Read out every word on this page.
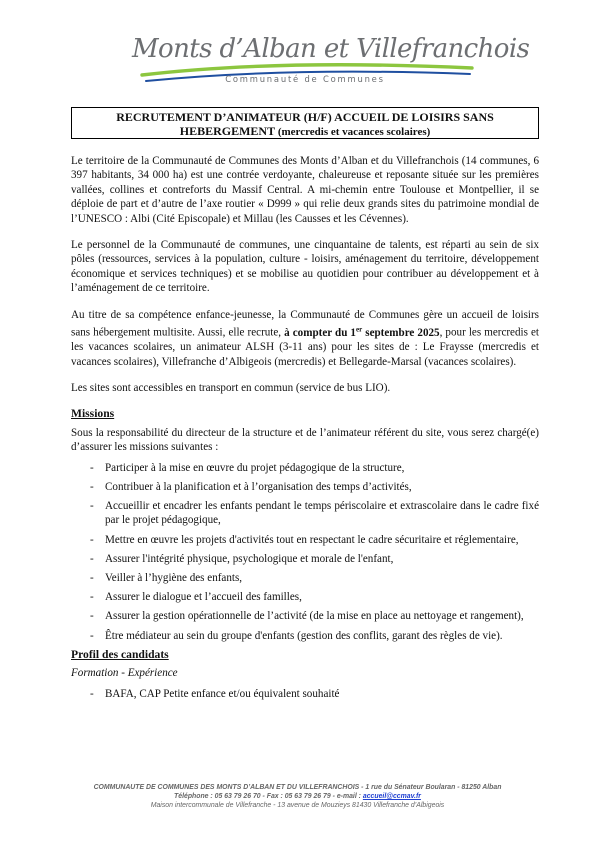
Monts d’Alban et Villefranchois
Communauté de Communes
RECRUTEMENT D’ANIMATEUR (H/F) ACCUEIL DE LOISIRS SANS
HEBERGEMENT (mercredis et vacances scolaires)

Le territoire de la Communauté de Communes des Monts d’Alban et du Villefranchois (14 communes, 6 397 habitants, 34 000 ha) est une contrée verdoyante, chaleureuse et reposante située sur les premières vallées, collines et contreforts du Massif Central. A mi-chemin entre Toulouse et Montpellier, il se déploie de part et d’autre de l’axe routier « D999 » qui relie deux grands sites du patrimoine mondial de l’UNESCO : Albi (Cité Episcopale) et Millau (les Causses et les Cévennes).

Le personnel de la Communauté de communes, une cinquantaine de talents, est réparti au sein de six pôles (ressources, services à la population, culture - loisirs, aménagement du territoire, développement économique et services techniques) et se mobilise au quotidien pour contribuer au développement et à l’aménagement de ce territoire.

Au titre de sa compétence enfance-jeunesse, la Communauté de Communes gère un accueil de loisirs sans hébergement multisite. Aussi, elle recrute, à compter du 1er septembre 2025, pour les mercredis et les vacances scolaires, un animateur ALSH (3-11 ans) pour les sites de : Le Fraysse (mercredis et vacances scolaires), Villefranche d’Albigeois (mercredis) et Bellegarde-Marsal (vacances scolaires).

Les sites sont accessibles en transport en commun (service de bus LIO).

Missions

Sous la responsabilité du directeur de la structure et de l’animateur référent du site, vous serez chargé(e) d’assurer les missions suivantes :

- Participer à la mise en œuvre du projet pédagogique de la structure,
- Contribuer à la planification et à l’organisation des temps d’activités,
- Accueillir et encadrer les enfants pendant le temps périscolaire et extrascolaire dans le cadre fixé par le projet pédagogique,
- Mettre en œuvre les projets d'activités tout en respectant le cadre sécuritaire et réglementaire,
- Assurer l'intégrité physique, psychologique et morale de l'enfant,
- Veiller à l’hygiène des enfants,
- Assurer le dialogue et l’accueil des familles,
- Assurer la gestion opérationnelle de l’activité (de la mise en place au nettoyage et rangement),
- Être médiateur au sein du groupe d'enfants (gestion des conflits, garant des règles de vie).
Profil des candidats
Formation - Expérience
- BAFA, CAP Petite enfance et/ou équivalent souhaité
COMMUNAUTE DE COMMUNES DES MONTS D’ALBAN ET DU VILLEFRANCHOIS - 1 rue du Sénateur Boularan - 81250 Alban
Téléphone : 05 63 79 26 70 - Fax : 05 63 79 26 79 - e-mail : accueil@ccmav.fr
Maison intercommunale de Villefranche - 13 avenue de Mouzieys 81430 Villefranche d’Albigeois
